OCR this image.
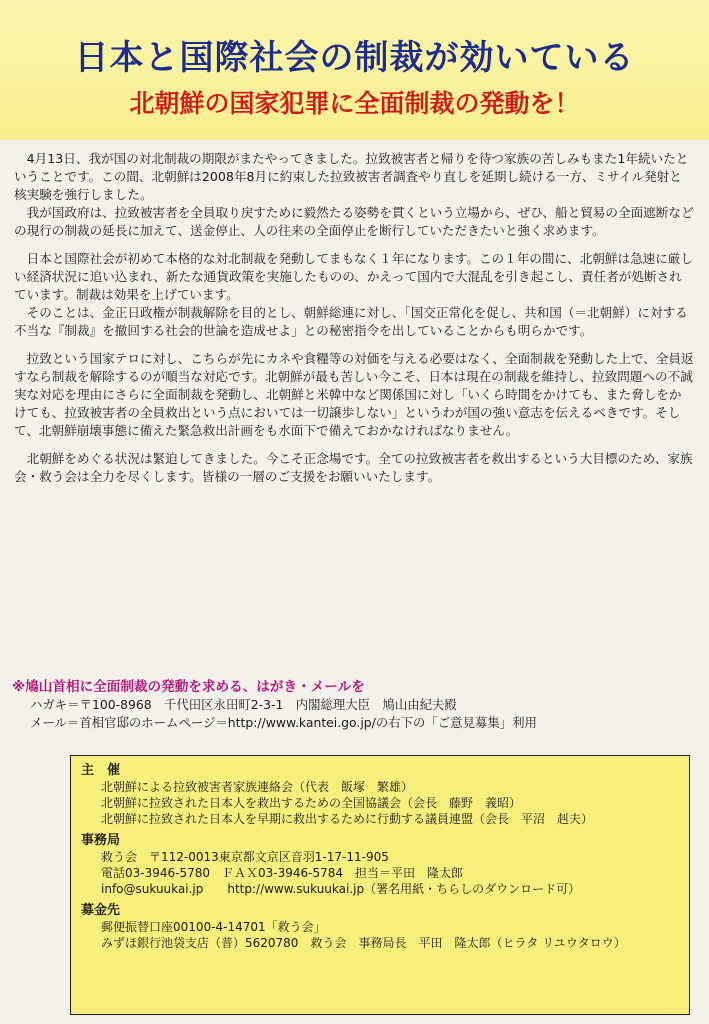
日本と国際社会の制裁が効いている
北朝鮮の国家犯罪に全面制裁の発動を！

4月13日、我が国の対北制裁の期限がまたやってきました。拉致被害者と帰りを待つ家族の苦しみもまた1年続いたということです。この間、北朝鮮は2008年8月に約束した拉致被害者調査やり直しを延期し続ける一方、ミサイル発射と核実験を強行しました。

我が国政府は、拉致被害者を全員取り戻すために毅然たる姿勢を貫くという立場から、ぜひ、船と貿易の全面遮断などの現行の制裁の延長に加えて、送金停止、人の往来の全面停止を断行していただきたいと強く求めます。

日本と国際社会が初めて本格的な対北制裁を発動してまもなく１年になります。この１年の間に、北朝鮮は急速に厳しい経済状況に追い込まれ、新たな通貨政策を実施したものの、かえって国内で大混乱を引き起こし、責任者が処断されています。制裁は効果を上げています。

そのことは、金正日政権が制裁解除を目的とし、朝鮮総連に対し、「国交正常化を促し、共和国（＝北朝鮮）に対する不当な『制裁』を撤回する社会的世論を造成せよ」との秘密指令を出していることからも明らかです。

拉致という国家テロに対し、こちらが先にカネや食糧等の対価を与える必要はなく、全面制裁を発動した上で、全員返すなら制裁を解除するのが順当な対応です。北朝鮮が最も苦しい今こそ、日本は現在の制裁を維持し、拉致問題への不誠実な対応を理由にさらに全面制裁を発動し、北朝鮮と米韓中など関係国に対し「いくら時間をかけても、また脅しをかけても、拉致被害者の全員救出という点においては一切譲歩しない」というわが国の強い意志を伝えるべきです。そして、北朝鮮崩壊事態に備えた緊急救出計画をも水面下で備えておかなければなりません。

北朝鮮をめぐる状況は緊迫してきました。今こそ正念場です。全ての拉致被害者を救出するという大目標のため、家族会・救う会は全力を尽くします。皆様の一層のご支援をお願いいたします。

※鳩山首相に全面制裁の発動を求める、はがき・メールを
ハガキ＝〒100-8968　千代田区永田町2-3-1　内閣総理大臣　鳩山由紀夫殿
メール＝首相官邸のホームページ＝http://www.kantei.go.jp/の右下の「ご意見募集」利用
主　催
北朝鮮による拉致被害者家族連絡会（代表　飯塚　繁雄）
北朝鮮に拉致された日本人を救出するための全国協議会（会長　藤野　義昭）
北朝鮮に拉致された日本人を早期に救出するために行動する議員連盟（会長　平沼　赳夫）
事務局
救う会　〒112-0013東京都文京区音羽1-17-11-905
電話03-3946-5780　ＦＡＸ03-3946-5784　担当＝平田　隆太郎
info@sukuukai.jp　　http://www.sukuukai.jp（署名用紙・ちらしのダウンロード可）
募金先
郵便振替口座00100-4-14701「救う会」
みずほ銀行池袋支店（普）5620780　救う会　事務局長　平田　隆太郎（ヒラタ リユウタロウ）
